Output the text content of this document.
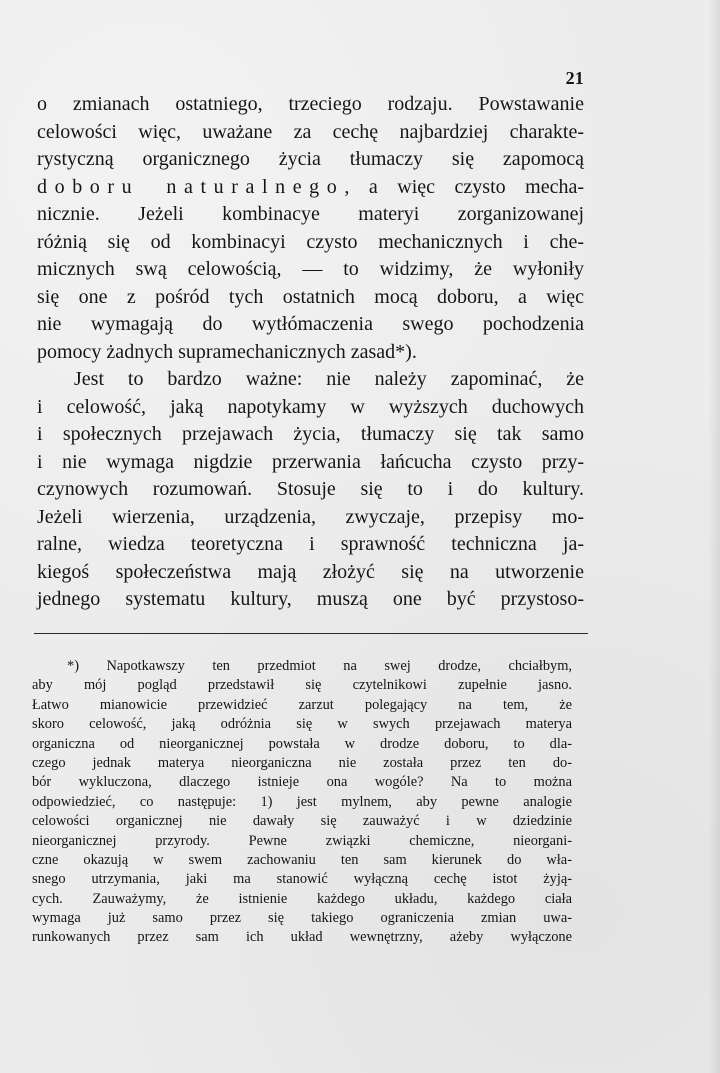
21
o zmianach ostatniego, trzeciego rodzaju. Powstawanie
celowości więc, uważane za cechę najbardziej charakte-
rystyczną organicznego życia tłumaczy się zapomocą
doboru naturalnego, a więc czysto mecha-
nicznie. Jeżeli kombinacye materyi zorganizowanej
różnią się od kombinacyi czysto mechanicznych i che-
micznych swą celowością, — to widzimy, że wyłoniły
się one z pośród tych ostatnich mocą doboru, a więc
nie wymagają do wytłómaczenia swego pochodzenia
pomocy żadnych supramechanicznych zasad*).
Jest to bardzo ważne: nie należy zapominać, że
i celowość, jaką napotykamy w wyższych duchowych
i społecznych przejawach życia, tłumaczy się tak samo
i nie wymaga nigdzie przerwania łańcucha czysto przy-
czynowych rozumowań. Stosuje się to i do kultury.
Jeżeli wierzenia, urządzenia, zwyczaje, przepisy mo-
ralne, wiedza teoretyczna i sprawność techniczna ja-
kiegoś społeczeństwa mają złożyć się na utworzenie
jednego systematu kultury, muszą one być przystoso-
*) Napotkawszy ten przedmiot na swej drodze, chciałbym,
aby mój pogląd przedstawił się czytelnikowi zupełnie jasno.
Łatwo mianowicie przewidzieć zarzut polegający na tem, że
skoro celowość, jaką odróżnia się w swych przejawach materya
organiczna od nieorganicznej powstała w drodze doboru, to dla-
czego jednak materya nieorganiczna nie została przez ten do-
bór wykluczona, dlaczego istnieje ona wogóle? Na to można
odpowiedzieć, co następuje: 1) jest mylnem, aby pewne analogie
celowości organicznej nie dawały się zauważyć i w dziedzinie
nieorganicznej przyrody. Pewne związki chemiczne, nieorgani-
czne okazują w swem zachowaniu ten sam kierunek do wła-
snego utrzymania, jaki ma stanowić wyłączną cechę istot żyją-
cych. Zauważymy, że istnienie każdego układu, każdego ciała
wymaga już samo przez się takiego ograniczenia zmian uwa-
runkowanych przez sam ich układ wewnętrzny, ażeby wyłączone
